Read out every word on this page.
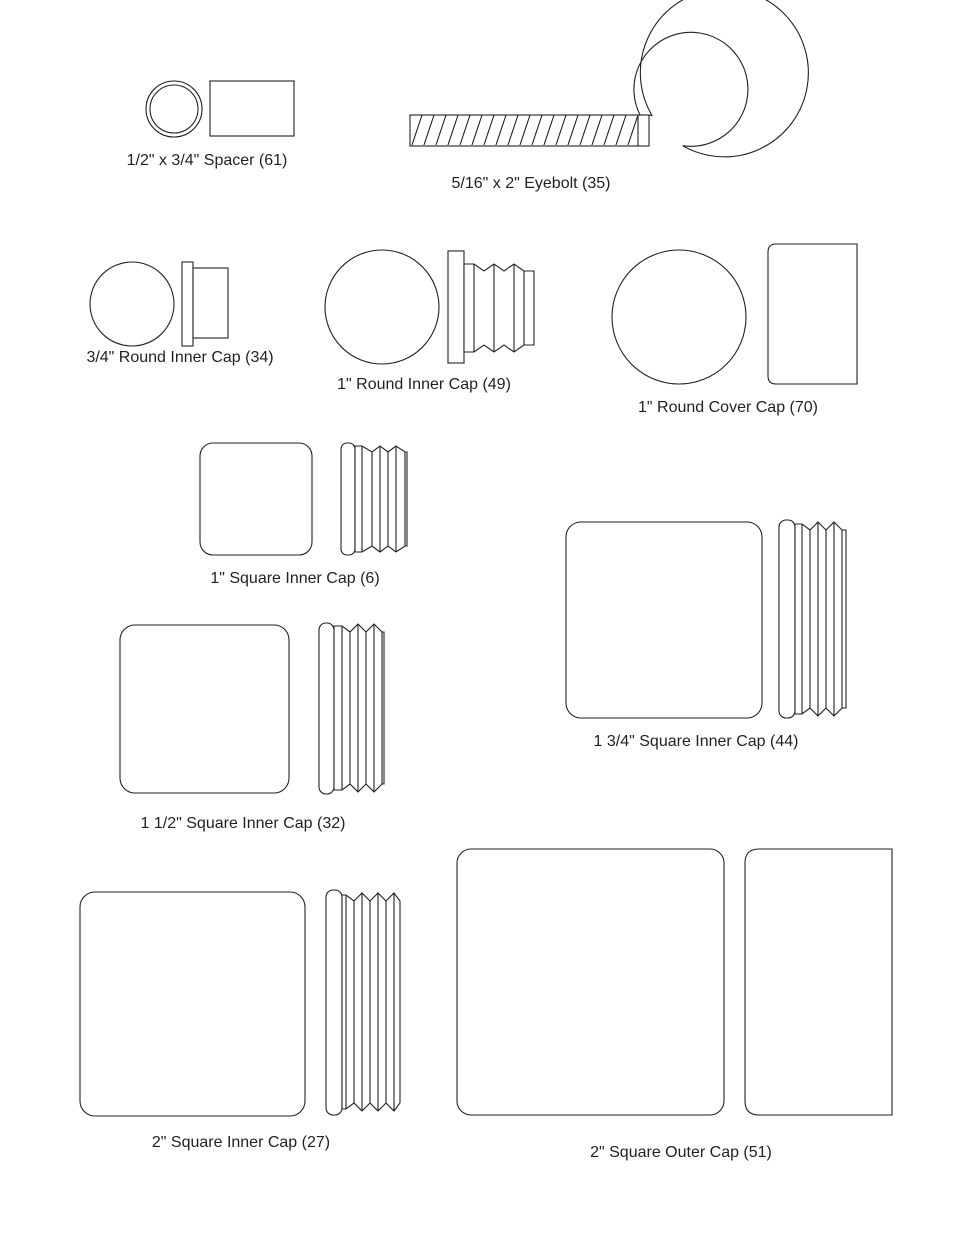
1/2" x 3/4" Spacer (61)
5/16" x 2" Eyebolt (35)
3/4" Round Inner Cap (34)
1" Round Inner Cap (49)
1" Round Cover Cap (70)
1" Square Inner Cap (6)
1 3/4" Square Inner Cap (44)
1 1/2" Square Inner Cap (32)
2" Square Inner Cap (27)
2" Square Outer Cap (51)
